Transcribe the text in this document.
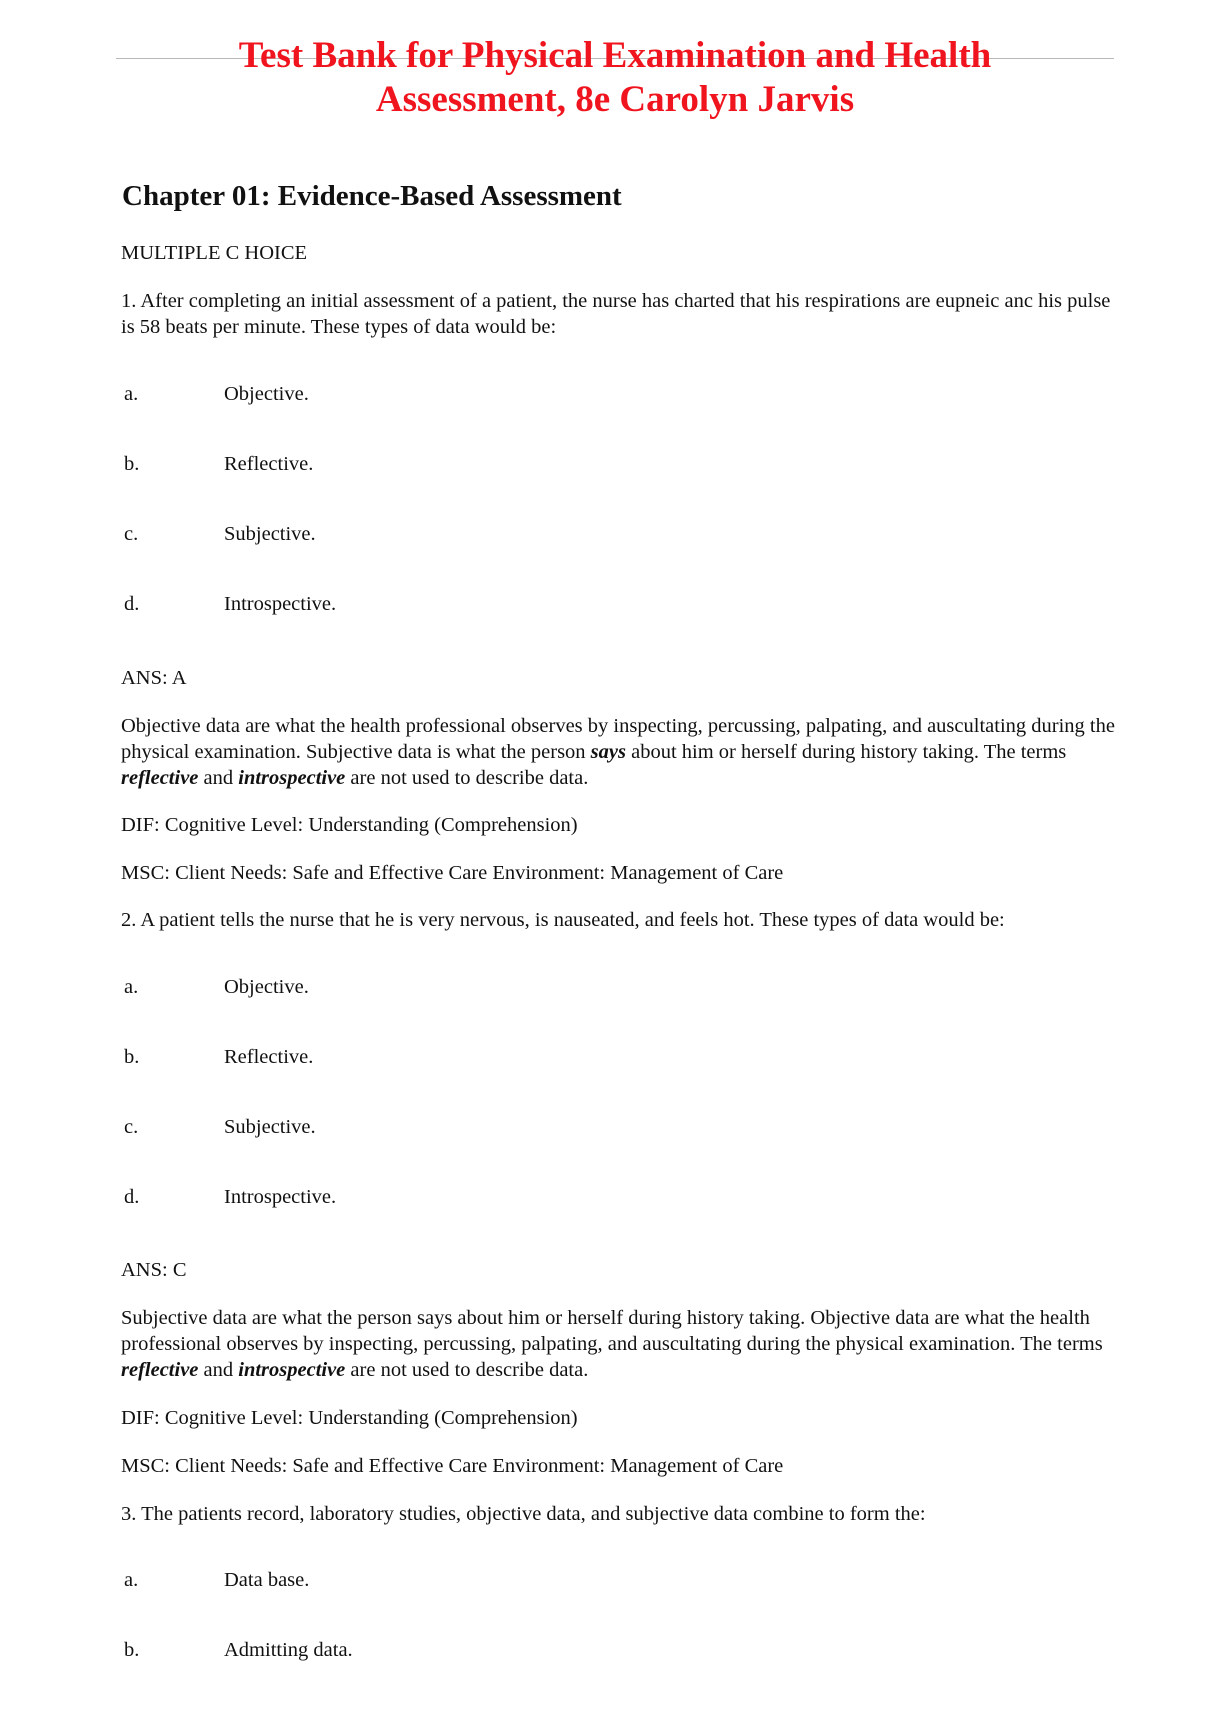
Test Bank for Physical Examination and Health
Assessment, 8e Carolyn Jarvis
Chapter 01: Evidence-Based Assessment

MULTIPLE C HOICE

1. After completing an initial assessment of a patient, the nurse has charted that his respirations are eupneic anc his pulse is 58 beats per minute. These types of data would be:

a.	Objective.
b.	Reflective.
c.	Subjective.
d.	Introspective.

ANS: A

Objective data are what the health professional observes by inspecting, percussing, palpating, and auscultating during the physical examination. Subjective data is what the person says about him or herself during history taking. The terms reflective and introspective are not used to describe data.

DIF: Cognitive Level: Understanding (Comprehension)

MSC: Client Needs: Safe and Effective Care Environment: Management of Care

2. A patient tells the nurse that he is very nervous, is nauseated, and feels hot. These types of data would be:

a.	Objective.
b.	Reflective.
c.	Subjective.
d.	Introspective.

ANS: C

Subjective data are what the person says about him or herself during history taking. Objective data are what the health professional observes by inspecting, percussing, palpating, and auscultating during the physical examination. The terms reflective and introspective are not used to describe data.

DIF: Cognitive Level: Understanding (Comprehension)

MSC: Client Needs: Safe and Effective Care Environment: Management of Care

3. The patients record, laboratory studies, objective data, and subjective data combine to form the:

a.	Data base.
b.	Admitting data.
